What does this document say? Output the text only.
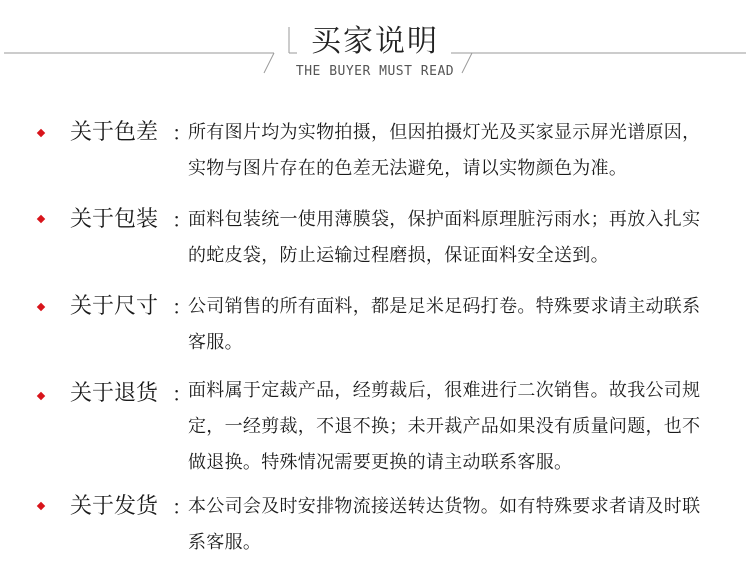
买家说明
THE BUYER MUST READ
关于色差 ：
所有图片均为实物拍摄，但因拍摄灯光及买家显示屏光谱原因，实物与图片存在的色差无法避免，请以实物颜色为准。
关于包装 ：
面料包装统一使用薄膜袋，保护面料原理脏污雨水；再放入扎实的蛇皮袋，防止运输过程磨损，保证面料安全送到。
关于尺寸 ：
公司销售的所有面料，都是足米足码打卷。特殊要求请主动联系客服。
关于退货 ：
面料属于定裁产品，经剪裁后，很难进行二次销售。故我公司规定，一经剪裁，不退不换；未开裁产品如果没有质量问题，也不做退换。特殊情况需要更换的请主动联系客服。
关于发货 ：
本公司会及时安排物流接送转达货物。如有特殊要求者请及时联系客服。
